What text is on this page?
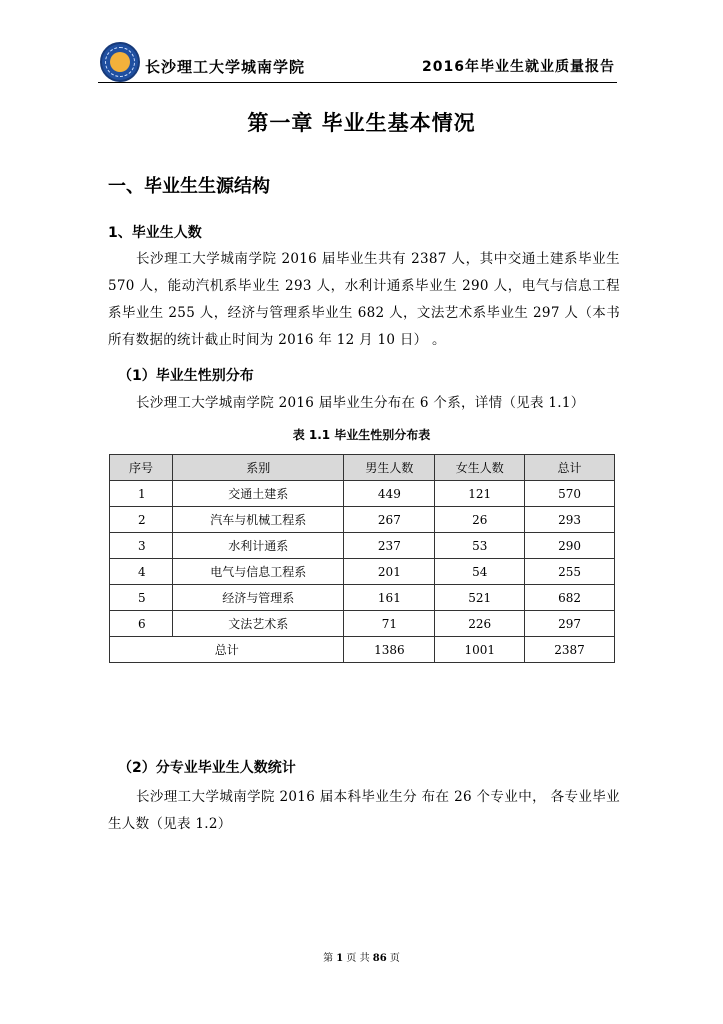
长沙理工大学城南学院	2016年毕业生就业质量报告
第一章 毕业生基本情况
一、毕业生生源结构
1、毕业生人数
长沙理工大学城南学院 2016 届毕业生共有 2387 人，其中交通土建系毕业生 570 人，能动汽机系毕业生 293 人，水利计通系毕业生 290 人，电气与信息工程系毕业生 255 人，经济与管理系毕业生 682 人，文法艺术系毕业生 297 人（本书所有数据的统计截止时间为 2016 年 12 月 10 日） 。
（1）毕业生性别分布
长沙理工大学城南学院 2016 届毕业生分布在 6 个系，详情（见表 1.1）
表 1.1 毕业生性别分布表
序号	系别	男生人数	女生人数	总计
1	交通土建系	449	121	570
2	汽车与机械工程系	267	26	293
3	水利计通系	237	53	290
4	电气与信息工程系	201	54	255
5	经济与管理系	161	521	682
6	文法艺术系	71	226	297
总计		1386	1001	2387
（2）分专业毕业生人数统计
长沙理工大学城南学院 2016 届本科毕业生分 布在 26 个专业中， 各专业毕业生人数（见表 1.2）
第 1 页 共 86 页
